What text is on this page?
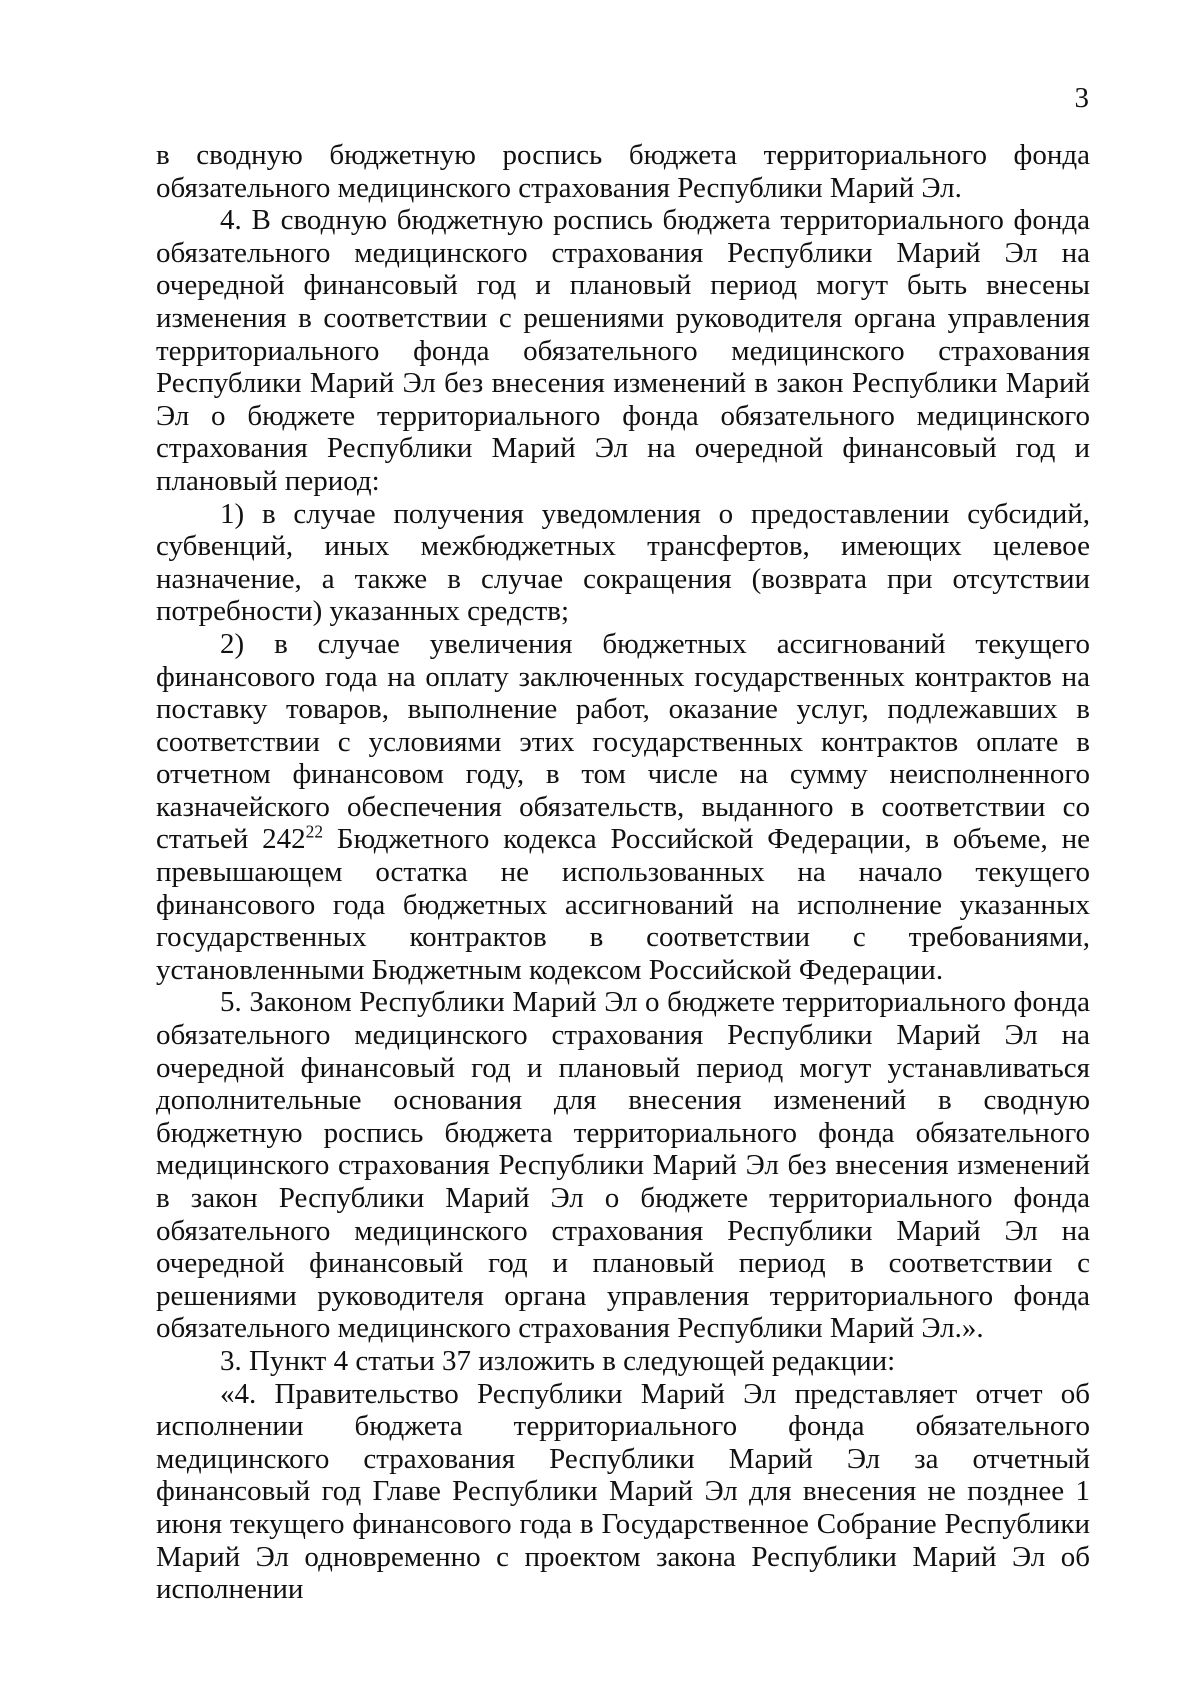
3

в сводную бюджетную роспись бюджета территориального фонда обязательного медицинского страхования Республики Марий Эл.

4. В сводную бюджетную роспись бюджета территориального фонда обязательного медицинского страхования Республики Марий Эл на очередной финансовый год и плановый период могут быть внесены изменения в соответствии с решениями руководителя органа управления территориального фонда обязательного медицинского страхования Республики Марий Эл без внесения изменений в закон Республики Марий Эл о бюджете территориального фонда обязательного медицинского страхования Республики Марий Эл на очередной финансовый год и плановый период:

1) в случае получения уведомления о предоставлении субсидий, субвенций, иных межбюджетных трансфертов, имеющих целевое назначение, а также в случае сокращения (возврата при отсутствии потребности) указанных средств;

2) в случае увеличения бюджетных ассигнований текущего финансового года на оплату заключенных государственных контрактов на поставку товаров, выполнение работ, оказание услуг, подлежавших в соответствии с условиями этих государственных контрактов оплате в отчетном финансовом году, в том числе на сумму неисполненного казначейского обеспечения обязательств, выданного в соответствии со статьей $242^{22}$ Бюджетного кодекса Российской Федерации, в объеме, не превышающем остатка не использованных на начало текущего финансового года бюджетных ассигнований на исполнение указанных государственных контрактов в соответствии с требованиями, установленными Бюджетным кодексом Российской Федерации.

5. Законом Республики Марий Эл о бюджете территориального фонда обязательного медицинского страхования Республики Марий Эл на очередной финансовый год и плановый период могут устанавливаться дополнительные основания для внесения изменений в сводную бюджетную роспись бюджета территориального фонда обязательного медицинского страхования Республики Марий Эл без внесения изменений в закон Республики Марий Эл о бюджете территориального фонда обязательного медицинского страхования Республики Марий Эл на очередной финансовый год и плановый период в соответствии с решениями руководителя органа управления территориального фонда обязательного медицинского страхования Республики Марий Эл.».

3. Пункт 4 статьи 37 изложить в следующей редакции:

«4. Правительство Республики Марий Эл представляет отчет об исполнении бюджета территориального фонда обязательного медицинского страхования Республики Марий Эл за отчетный финансовый год Главе Республики Марий Эл для внесения не позднее 1 июня текущего финансового года в Государственное Собрание Республики Марий Эл одновременно с проектом закона Республики Марий Эл об исполнении
